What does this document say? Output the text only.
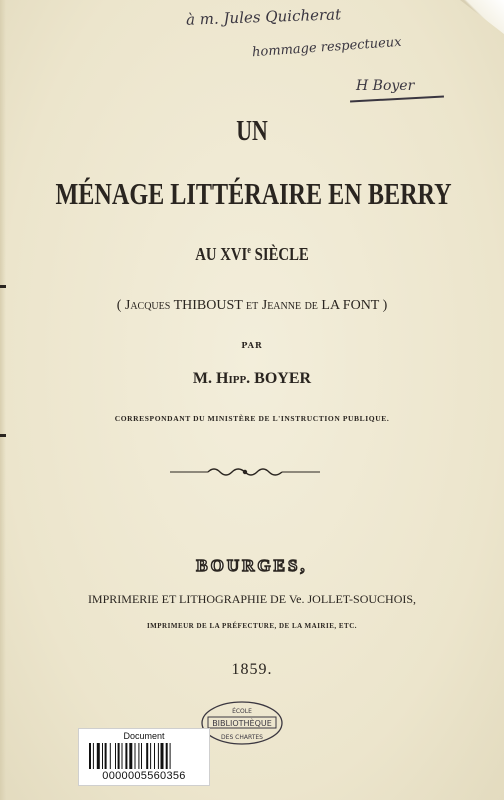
à m. Jules Quicherat
hommage respectueux
H Boyer
UN
MÉNAGE LITTÉRAIRE EN BERRY
AU XVIe SIÈCLE
( Jacques THIBOUST et Jeanne de LA FONT )
PAR
M. Hipp. BOYER
CORRESPONDANT DU MINISTÈRE DE L'INSTRUCTION PUBLIQUE.
BOURGES,
IMPRIMERIE ET LITHOGRAPHIE DE Ve. JOLLET-SOUCHOIS,
IMPRIMEUR DE LA PRÉFECTURE, DE LA MAIRIE, ETC.
1859.
ÉCOLE
BIBLIOTHÈQUE
DES CHARTES
Document
0000005560356
